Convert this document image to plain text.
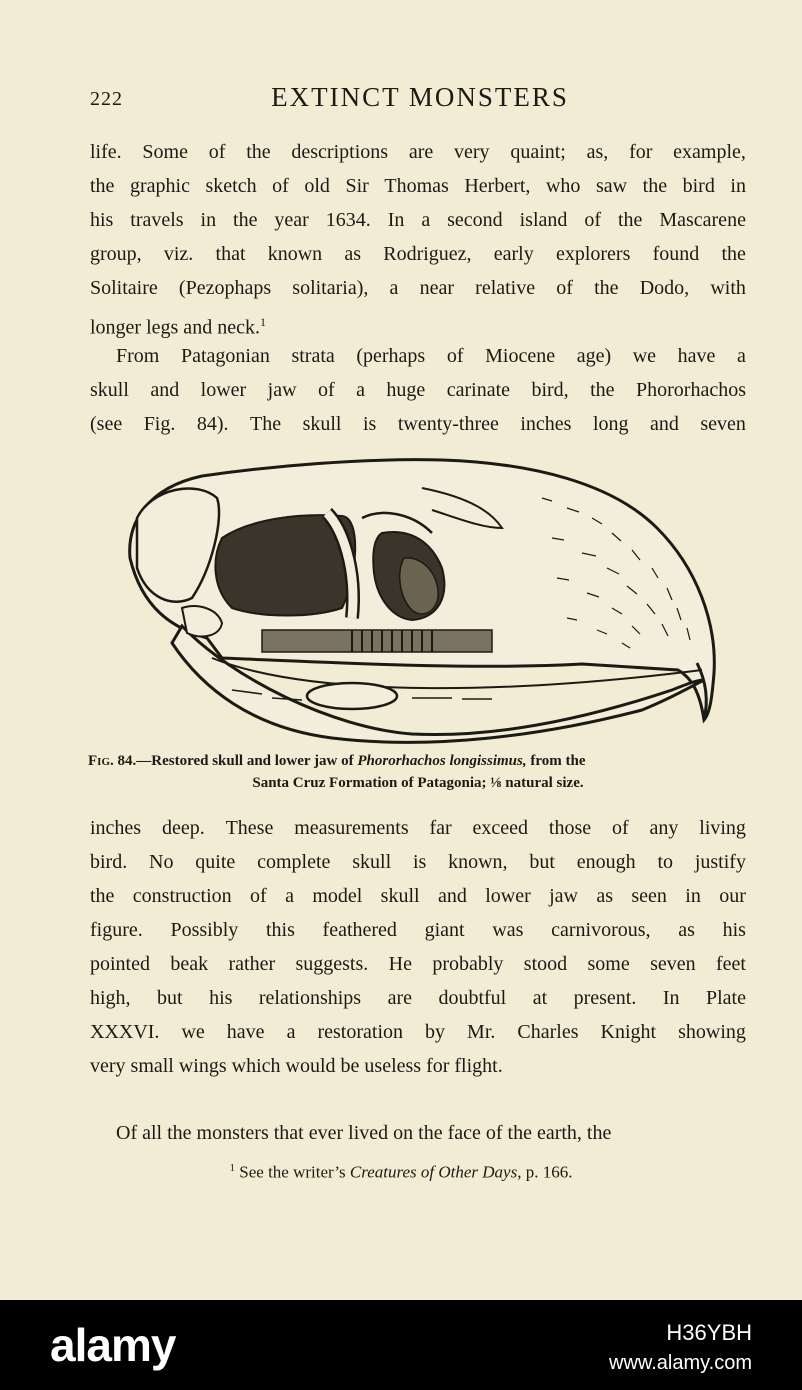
222	EXTINCT MONSTERS
life. Some of the descriptions are very quaint; as, for example,
the graphic sketch of old Sir Thomas Herbert, who saw the bird in
his travels in the year 1634. In a second island of the Mascarene
group, viz. that known as Rodriguez, early explorers found the
Solitaire (Pezophaps solitaria), a near relative of the Dodo, with
longer legs and neck.$^1$
From Patagonian strata (perhaps of Miocene age) we have a
skull and lower jaw of a huge carinate bird, the Phororhachos
(see Fig. 84). The skull is twenty-three inches long and seven
Fig. 84.—Restored skull and lower jaw of Phororhachos longissimus, from the
Santa Cruz Formation of Patagonia; ⅛ natural size.
inches deep. These measurements far exceed those of any living
bird. No quite complete skull is known, but enough to justify
the construction of a model skull and lower jaw as seen in our
figure. Possibly this feathered giant was carnivorous, as his
pointed beak rather suggests. He probably stood some seven feet
high, but his relationships are doubtful at present. In Plate
XXXVI. we have a restoration by Mr. Charles Knight showing
very small wings which would be useless for flight.
Of all the monsters that ever lived on the face of the earth, the
$^1$ See the writer’s Creatures of Other Days, p. 166.
alamy	H36YBH
www.alamy.com
